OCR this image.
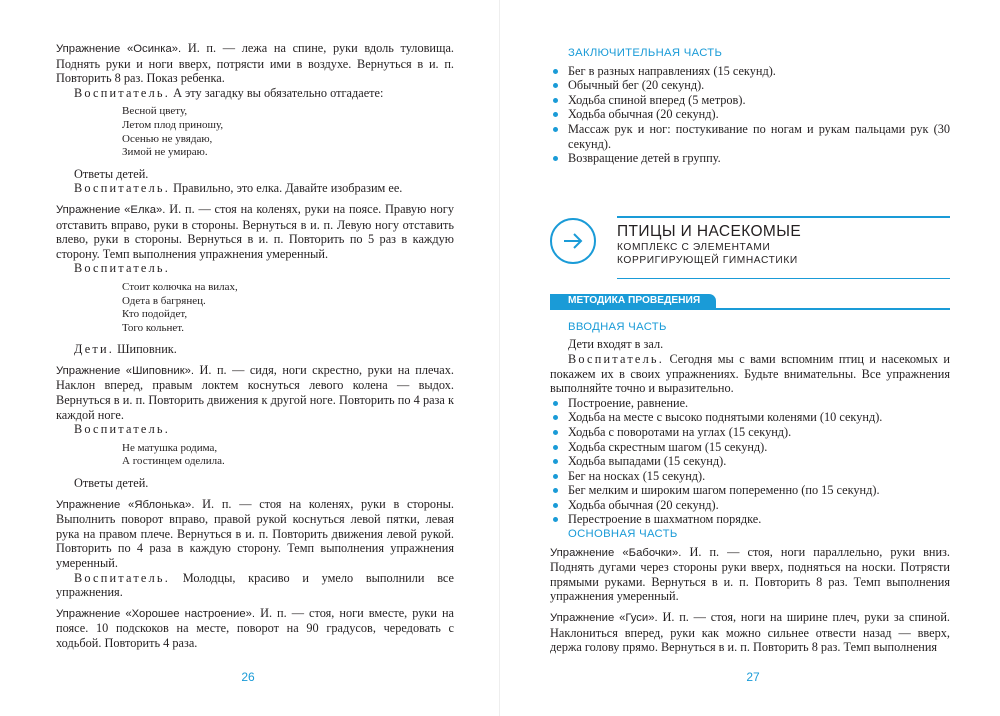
Упражнение «Осинка». И. п. — лежа на спине, руки вдоль туловища. Поднять руки и ноги вверх, потрясти ими в воздухе. Вернуться в и. п. Повторить 8 раз. Показ ребенка.

Воспитатель. А эту загадку вы обязательно отгадаете:

Весной цвету,
Летом плод приношу,
Осенью не увядаю,
Зимой не умираю.

Ответы детей.

Воспитатель. Правильно, это елка. Давайте изобразим ее.

Упражнение «Елка». И. п. — стоя на коленях, руки на поясе. Правую ногу отставить вправо, руки в стороны. Вернуться в и. п. Левую ногу отставить влево, руки в стороны. Вернуться в и. п. Повторить по 5 раз в каждую сторону. Темп выполнения упражнения умеренный.

Воспитатель.

Стоит колючка на вилах,
Одета в багрянец.
Кто подойдет,
Того кольнет.

Дети. Шиповник.

Упражнение «Шиповник». И. п. — сидя, ноги скрестно, руки на плечах. Наклон вперед, правым локтем коснуться левого колена — выдох. Вернуться в и. п. Повторить движения к другой ноге. Повторить по 4 раза к каждой ноге.

Воспитатель.

Не матушка родима,
А гостинцем оделила.

Ответы детей.

Упражнение «Яблонька». И. п. — стоя на коленях, руки в стороны. Выполнить поворот вправо, правой рукой коснуться левой пятки, левая рука на правом плече. Вернуться в и. п. Повторить движения левой рукой. Повторить по 4 раза в каждую сторону. Темп выполнения упражнения умеренный.

Воспитатель. Молодцы, красиво и умело выполнили все упражнения.

Упражнение «Хорошее настроение». И. п. — стоя, ноги вместе, руки на поясе. 10 подскоков на месте, поворот на 90 градусов, чередовать с ходьбой. Повторить 4 раза.

26
ЗАКЛЮЧИТЕЛЬНАЯ ЧАСТЬ
Бег в разных направлениях (15 секунд).
Обычный бег (20 секунд).
Ходьба спиной вперед (5 метров).
Ходьба обычная (20 секунд).
Массаж рук и ног: постукивание по ногам и рукам пальцами рук (30 секунд).
Возвращение детей в группу.
ПТИЦЫ И НАСЕКОМЫЕ
КОМПЛЕКС С ЭЛЕМЕНТАМИ
КОРРИГИРУЮЩЕЙ ГИМНАСТИКИ
МЕТОДИКА ПРОВЕДЕНИЯ
ВВОДНАЯ ЧАСТЬ

Дети входят в зал.

Воспитатель. Сегодня мы с вами вспомним птиц и насекомых и покажем их в своих упражнениях. Будьте внимательны. Все упражнения выполняйте точно и выразительно.

Построение, равнение.
Ходьба на месте с высоко поднятыми коленями (10 секунд).
Ходьба с поворотами на углах (15 секунд).
Ходьба скрестным шагом (15 секунд).
Ходьба выпадами (15 секунд).
Бег на носках (15 секунд).
Бег мелким и широким шагом попеременно (по 15 секунд).
Ходьба обычная (20 секунд).
Перестроение в шахматном порядке.
ОСНОВНАЯ ЧАСТЬ

Упражнение «Бабочки». И. п. — стоя, ноги параллельно, руки вниз. Поднять дугами через стороны руки вверх, подняться на носки. Потрясти прямыми руками. Вернуться в и. п. Повторить 8 раз. Темп выполнения упражнения умеренный.

Упражнение «Гуси». И. п. — стоя, ноги на ширине плеч, руки за спиной. Наклониться вперед, руки как можно сильнее отвести назад — вверх, держа голову прямо. Вернуться в и. п. Повторить 8 раз. Темп выполнения

27
